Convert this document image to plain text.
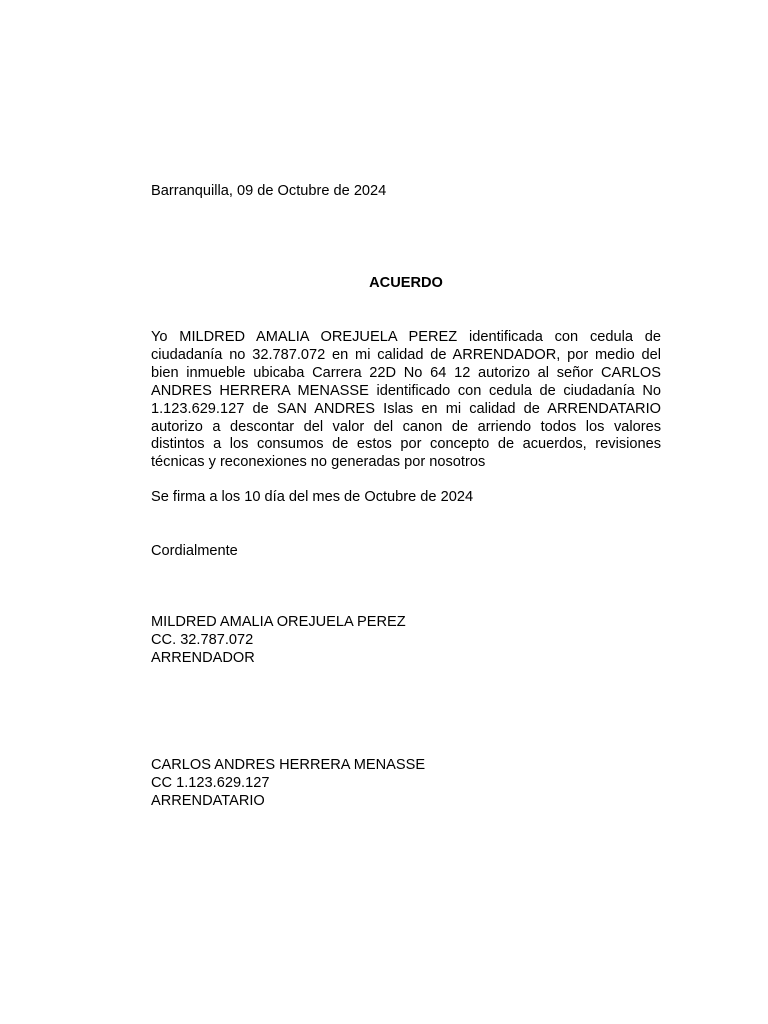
Barranquilla, 09 de Octubre de 2024

ACUERDO

Yo MILDRED AMALIA OREJUELA PEREZ identificada con cedula de
ciudadanía no 32.787.072 en mi calidad de ARRENDADOR, por medio del
bien inmueble ubicaba Carrera 22D No 64 12 autorizo al señor CARLOS
ANDRES HERRERA MENASSE identificado con cedula de ciudadanía No
1.123.629.127 de SAN ANDRES Islas en mi calidad de ARRENDATARIO
autorizo a descontar del valor del canon de arriendo todos los valores
distintos a los consumos de estos por concepto de acuerdos, revisiones
técnicas y reconexiones no generadas por nosotros

Se firma a los 10 día del mes de Octubre de 2024

Cordialmente

MILDRED AMALIA OREJUELA PEREZ
CC. 32.787.072
ARRENDADOR
CARLOS ANDRES HERRERA MENASSE
CC 1.123.629.127
ARRENDATARIO
